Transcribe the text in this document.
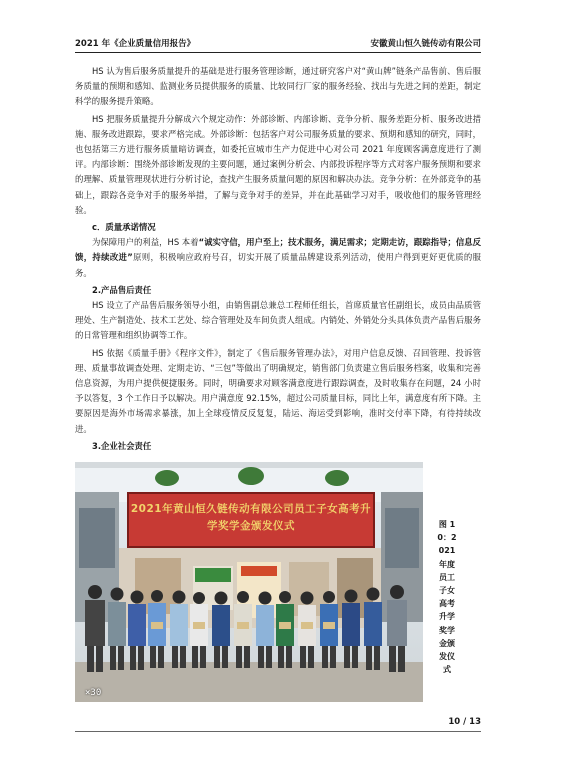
2021 年《企业质量信用报告》	安徽黄山恒久链传动有限公司

HS 认为售后服务质量提升的基础是进行服务管理诊断，通过研究客户对“黄山牌”链条产品售前、售后服务质量的预期和感知、监测业务员提供服务的质量、比较同行厂家的服务经验、找出与先进之间的差距，制定科学的服务提升策略。

HS 把服务质量提升分解成六个规定动作：外部诊断、内部诊断、竞争分析、服务差距分析、服务改进措施、服务改进跟踪，要求严格完成。外部诊断：包括客户对公司服务质量的要求、预期和感知的研究，同时，也包括第三方进行服务质量暗访调查，如委托宣城市生产力促进中心对公司 2021 年度顾客满意度进行了测评。内部诊断：围绕外部诊断发现的主要问题，通过案例分析会、内部投诉程序等方式对客户服务预期和要求的理解、质量管理现状进行分析讨论，查找产生服务质量问题的原因和解决办法。竞争分析：在外部竞争的基础上，跟踪各竞争对手的服务举措，了解与竞争对手的差异，并在此基础学习对手，吸收他们的服务管理经验。

c．质量承诺情况

为保障用户的利益，HS 本着“诚实守信，用户至上；技术服务，满足需求；定期走访，跟踪指导；信息反馈，持续改进”原则，积极响应政府号召，切实开展了质量品牌建设系列活动，使用户得到更好更优质的服务。

2.产品售后责任

HS 设立了产品售后服务领导小组，由销售副总兼总工程师任组长，首席质量官任副组长，成员由品质管理处、生产制造处、技术工艺处、综合管理处及车间负责人组成。内销处、外销处分头具体负责产品售后服务的日常管理和组织协调等工作。

HS 依据《质量手册》《程序文件》，制定了《售后服务管理办法》，对用户信息反馈、召回管理、投诉管理、质量事故调查处理、定期走访、“三包”等做出了明确规定，销售部门负责建立售后服务档案，收集和完善信息资源，为用户提供便捷服务。同时，明确要求对顾客满意度进行跟踪调查，及时收集存在问题，24 小时予以答复，3 个工作日予以解决。用户满意度 92.15%，超过公司质量目标，同比上年，满意度有所下降。主要原因是海外市场需求暴涨，加上全球疫情反反复复，陆运、海运受到影响，准时交付率下降，有待持续改进。

3.企业社会责任

2021年黄山恒久链传动有限公司员工子女高考升学奖学金颁发仪式
×30
图 10：2021 年度员工子女高考升学奖学金颁发仪式
10 / 13
